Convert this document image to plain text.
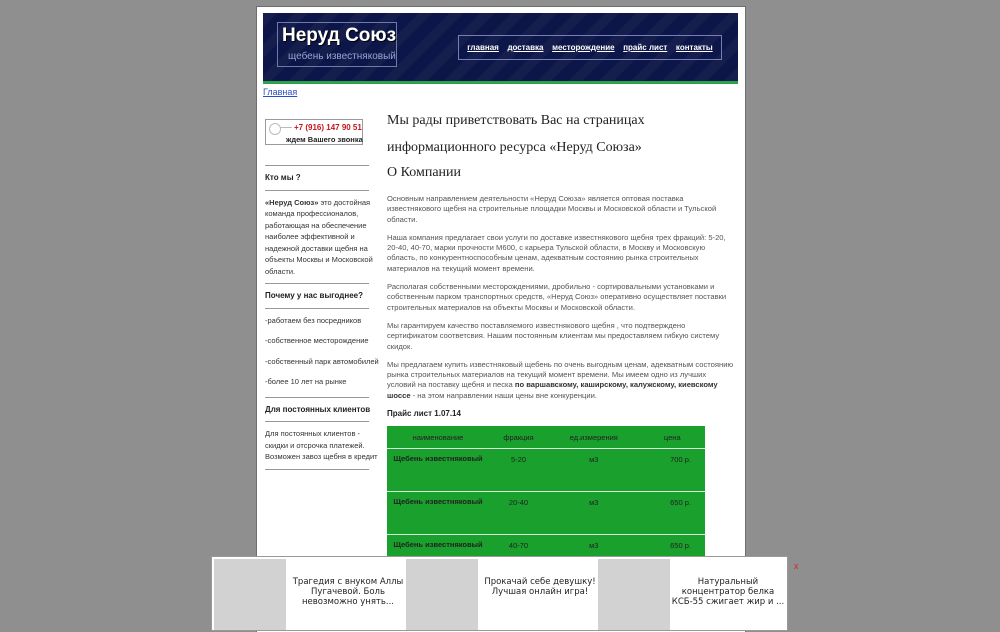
Неруд Союз
щебень известняковый
главная доставка месторождение прайс лист контакты
Главная
+7 (916) 147 90 51
ждем Вашего звонка
Кто мы ?
«Неруд Союз» это достойная команда профессионалов, работающая на обеспечение наиболее эффективной и надежной доставки щебня на объекты Москвы и Московской области.
Почему у нас выгоднее?
-работаем без посредников
-собственное месторождение
-собственный парк автомобилей
-более 10 лет на рынке
Для постоянных клиентов
Для постоянных клиентов - скидки и отсрочка платежей. Возможен завоз щебня в кредит

Мы рады приветствовать Вас на страницах информационного ресурса «Неруд Союза»

О Компании

Основным направлением деятельности «Неруд Союза» является оптовая поставка известнякового щебня на строительные площадки Москвы и Московской области и Тульской области.

Наша компания предлагает свои услуги по доставке известнякового щебня трех фракций: 5-20, 20-40, 40-70, марки прочности М600, с карьера Тульской области, в Москву и Московскую область, по конкурентноспособным ценам, адекватным состоянию рынка строительных материалов на текущий момент времени.

Располагая собственными месторождениями, дробильно - сортировальными установками и собственным парком транспортных средств, «Неруд Союз» оперативно осуществляет поставки строительных материалов на объекты Москвы и Московской области.

Мы гарантируем качество поставляемого известнякового щебня , что подтверждено сертификатом соответсвия. Нашим постоянным клиентам мы предоставляем гибкую систему скидок.

Мы предлагаем купить известняковый щебень по очень выгодным ценам, адекватным состоянию рынка строительных материалов на текущий момент времени. Мы имеем одно из лучших условий на поставку щебня и песка по варшавскому, каширскому, калужскому, киевскому шоссе - на этом направлении наши цены вне конкуренции.

Прайс лист 1.07.14
наименование	фракция	ед.измерения	цена
Щебень известняковый	5-20	м3	700 р.
Щебень известняковый	20-40	м3	650 р.
Щебень известняковый	40-70	м3	650 р.
Трагедия с внуком Аллы Пугачевой. Боль невозможно унять...
Прокачай себе девушку! Лучшая онлайн игра!
Натуральный концентратор белка КСБ-55 сжигает жир и ...
x
